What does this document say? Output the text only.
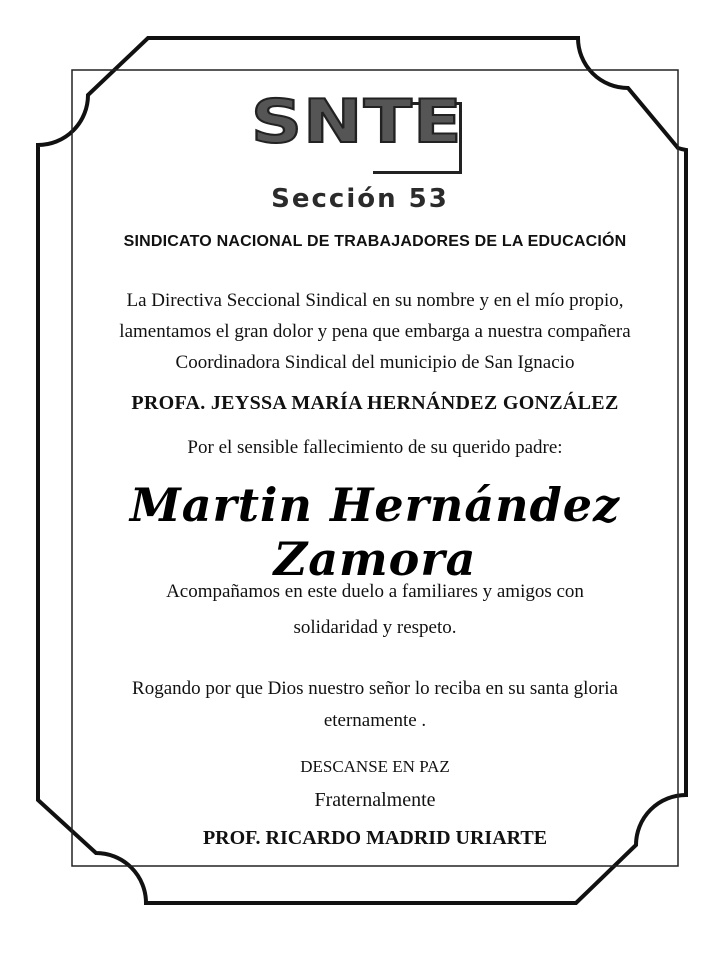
SNTE
Sección 53
SINDICATO NACIONAL DE TRABAJADORES DE LA EDUCACIÓN
La Directiva Seccional Sindical en su nombre y en el mío propio,
lamentamos el gran dolor y pena que embarga a nuestra compañera
Coordinadora Sindical del municipio de San Ignacio
PROFA. JEYSSA MARÍA HERNÁNDEZ GONZÁLEZ
Por el sensible fallecimiento de su querido padre:
Martin Hernández Zamora
Acompañamos en este duelo a familiares y amigos con
solidaridad y respeto.
Rogando por que Dios nuestro señor lo reciba en su santa gloria
eternamente .
DESCANSE EN PAZ
Fraternalmente
PROF. RICARDO MADRID URIARTE
